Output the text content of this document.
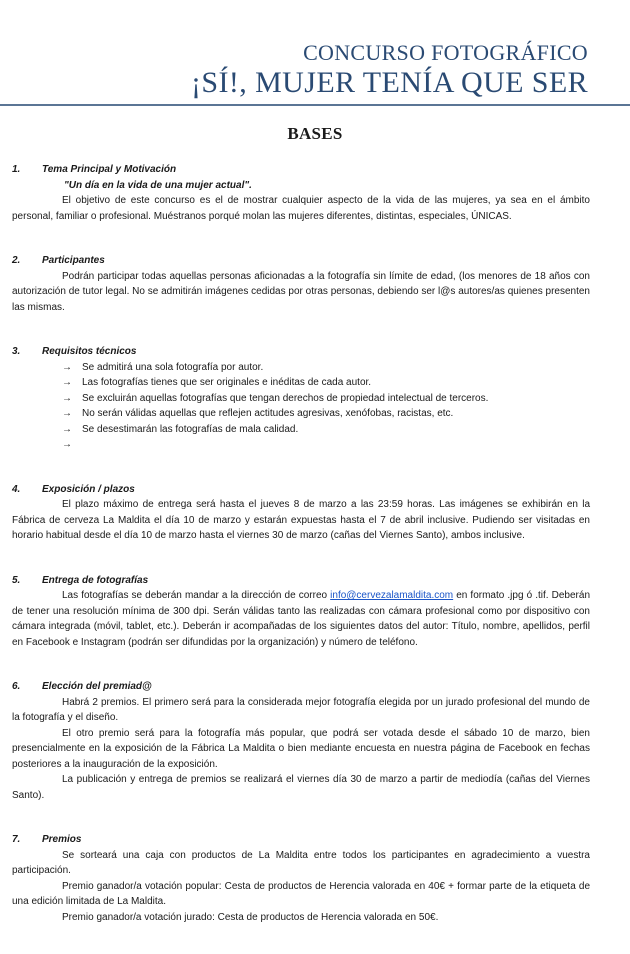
CONCURSO FOTOGRÁFICO
¡SÍ!, MUJER TENÍA QUE SER
BASES
1.	Tema Principal y Motivación
"Un día en la vida de una mujer actual".

El objetivo de este concurso es el de mostrar cualquier aspecto de la vida de las mujeres, ya sea en el ámbito personal, familiar o profesional. Muéstranos porqué molan las mujeres diferentes, distintas, especiales, ÚNICAS.

2.	Participantes

Podrán participar todas aquellas personas aficionadas a la fotografía sin límite de edad, (los menores de 18 años con autorización de tutor legal. No se admitirán imágenes cedidas por otras personas, debiendo ser l@s autores/as quienes presenten las mismas.

3.	Requisitos técnicos
→	Se admitirá una sola fotografía por autor.
→	Las fotografías tienes que ser originales e inéditas de cada autor.
→	Se excluirán aquellas fotografías que tengan derechos de propiedad intelectual de terceros.
→	No serán válidas aquellas que reflejen actitudes agresivas, xenófobas, racistas, etc.
→	Se desestimarán las fotografías de mala calidad.
→
4.	Exposición / plazos

El plazo máximo de entrega será hasta el jueves 8 de marzo a las 23:59 horas. Las imágenes se exhibirán en la Fábrica de cerveza La Maldita el día 10 de marzo y estarán expuestas hasta el 7 de abril inclusive. Pudiendo ser visitadas en horario habitual desde el día 10 de marzo hasta el viernes 30 de marzo (cañas del Viernes Santo), ambos inclusive.

5.	Entrega de fotografías

Las fotografías se deberán mandar a la dirección de correo info@cervezalamaldita.com en formato .jpg ó .tif. Deberán de tener una resolución mínima de 300 dpi. Serán válidas tanto las realizadas con cámara profesional como por dispositivo con cámara integrada (móvil, tablet, etc.). Deberán ir acompañadas de los siguientes datos del autor: Título, nombre, apellidos, perfil en Facebook e Instagram (podrán ser difundidas por la organización) y número de teléfono.

6.	Elección del premiad@

Habrá 2 premios. El primero será para la considerada mejor fotografía elegida por un jurado profesional del mundo de la fotografía y el diseño.

El otro premio será para la fotografía más popular, que podrá ser votada desde el sábado 10 de marzo, bien presencialmente en la exposición de la Fábrica La Maldita o bien mediante encuesta en nuestra página de Facebook en fechas posteriores a la inauguración de la exposición.

La publicación y entrega de premios se realizará el viernes día 30 de marzo a partir de mediodía (cañas del Viernes Santo).

7.	Premios

Se sorteará una caja con productos de La Maldita entre todos los participantes en agradecimiento a vuestra participación.

Premio ganador/a votación popular: Cesta de productos de Herencia valorada en 40€ + formar parte de la etiqueta de una edición limitada de La Maldita.

Premio ganador/a votación jurado: Cesta de productos de Herencia valorada en 50€.
